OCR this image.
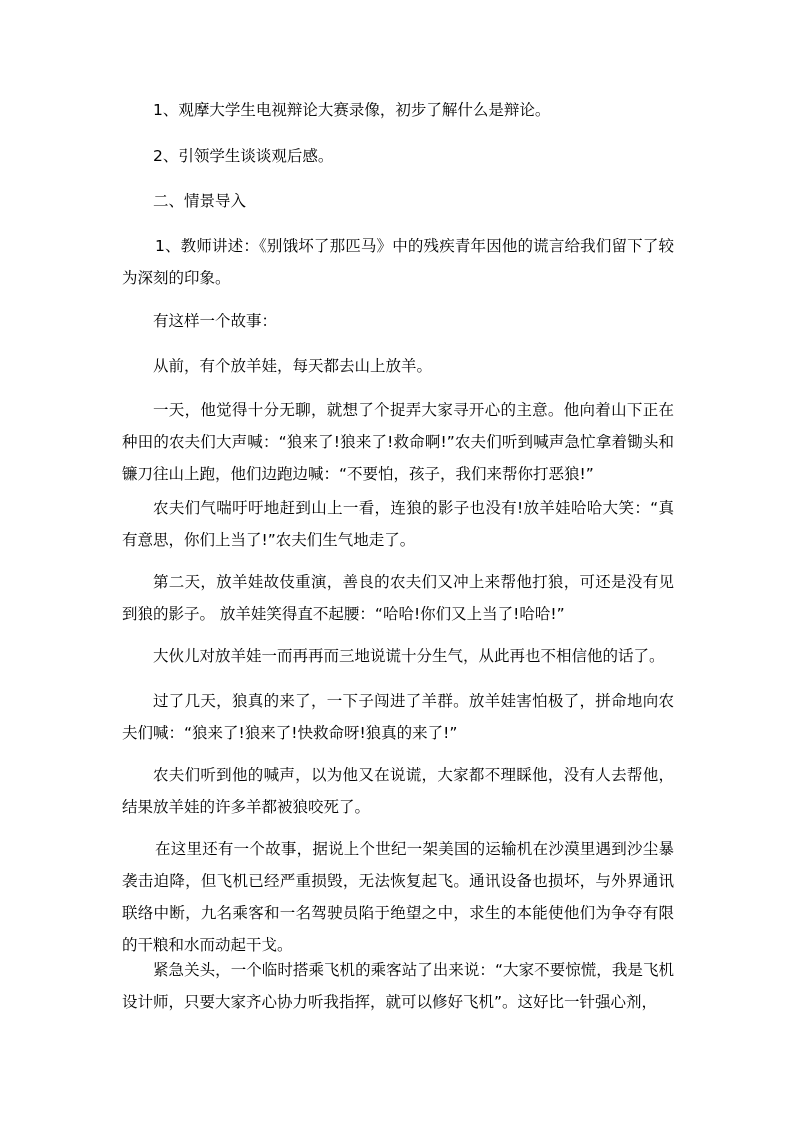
1、观摩大学生电视辩论大赛录像，初步了解什么是辩论。

2、引领学生谈谈观后感。

二、情景导入

1、教师讲述：《别饿坏了那匹马》中的残疾青年因他的谎言给我们留下了较为深刻的印象。

有这样一个故事：

从前，有个放羊娃，每天都去山上放羊。

一天，他觉得十分无聊，就想了个捉弄大家寻开心的主意。他向着山下正在种田的农夫们大声喊：“狼来了!狼来了!救命啊!”农夫们听到喊声急忙拿着锄头和镰刀往山上跑，他们边跑边喊：“不要怕，孩子，我们来帮你打恶狼!”

农夫们气喘吁吁地赶到山上一看，连狼的影子也没有!放羊娃哈哈大笑：“真有意思，你们上当了!”农夫们生气地走了。

第二天，放羊娃故伎重演，善良的农夫们又冲上来帮他打狼，可还是没有见到狼的影子。 放羊娃笑得直不起腰：“哈哈!你们又上当了!哈哈!”

大伙儿对放羊娃一而再再而三地说谎十分生气，从此再也不相信他的话了。

过了几天，狼真的来了，一下子闯进了羊群。放羊娃害怕极了，拼命地向农夫们喊：“狼来了!狼来了!快救命呀!狼真的来了!”

农夫们听到他的喊声，以为他又在说谎，大家都不理睬他，没有人去帮他，结果放羊娃的许多羊都被狼咬死了。

在这里还有一个故事，据说上个世纪一架美国的运输机在沙漠里遇到沙尘暴袭击迫降，但飞机已经严重损毁，无法恢复起飞。通讯设备也损坏，与外界通讯联络中断，九名乘客和一名驾驶员陷于绝望之中，求生的本能使他们为争夺有限的干粮和水而动起干戈。

紧急关头，一个临时搭乘飞机的乘客站了出来说：“大家不要惊慌，我是飞机设计师，只要大家齐心协力听我指挥，就可以修好飞机”。这好比一针强心剂，
